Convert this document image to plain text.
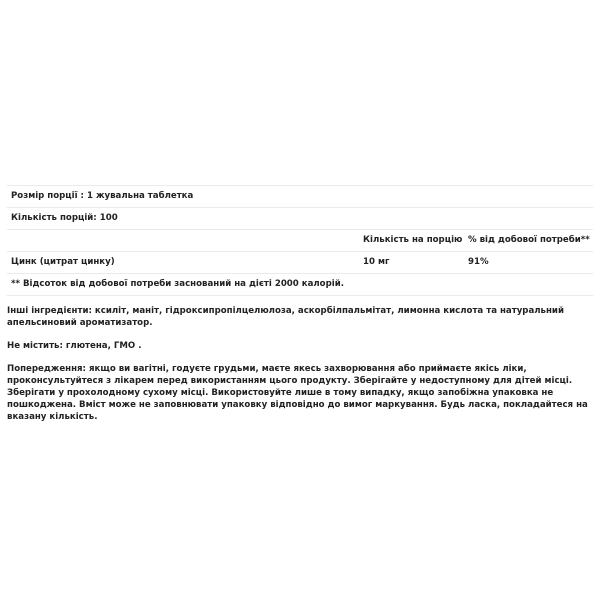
Розмір порції : 1 жувальна таблетка
Кількість порцій: 100
Кількість на порцію % від добової потреби**
Цинк (цитрат цинку)	10 мг	91%
** Відсоток від добової потреби заснований на дієті 2000 калорій.
Інші інгредієнти: ксиліт, маніт, гідроксипропілцелюлоза, аскорбілпальмітат, лимонна кислота та натуральний апельсиновий ароматизатор.
Не містить: глютена, ГМО .
Попередження: якщо ви вагітні, годуєте грудьми, маєте якесь захворювання або приймаєте якісь ліки, проконсультуйтеся з лікарем перед використанням цього продукту. Зберігайте у недоступному для дітей місці. Зберігати у прохолодному сухому місці. Використовуйте лише в тому випадку, якщо запобіжна упаковка не пошкоджена. Вміст може не заповнювати упаковку відповідно до вимог маркування. Будь ласка, покладайтеся на вказану кількість.
